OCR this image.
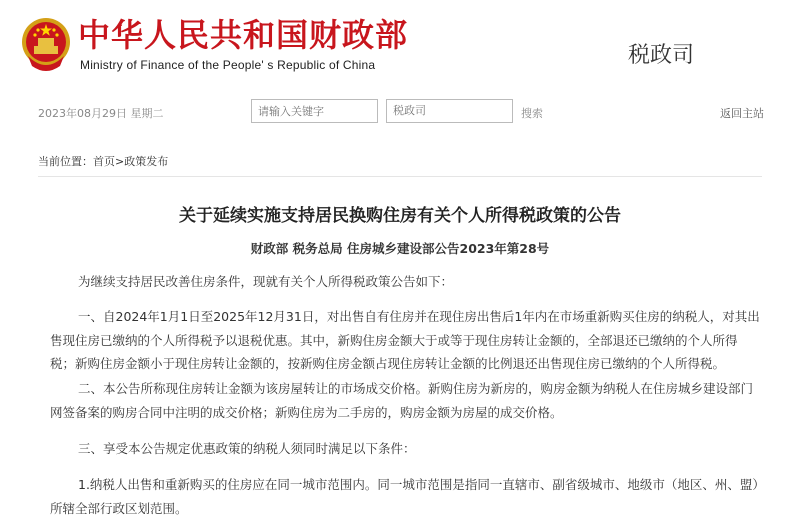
中华人民共和国财政部
Ministry of Finance of the People' s Republic of China	税政司
2023年08月29日 星期二
请输入关键字	税政司	搜索	返回主站
当前位置：首页>政策发布
关于延续实施支持居民换购住房有关个人所得税政策的公告
财政部 税务总局 住房城乡建设部公告2023年第28号

为继续支持居民改善住房条件，现就有关个人所得税政策公告如下：

一、自2024年1月1日至2025年12月31日，对出售自有住房并在现住房出售后1年内在市场重新购买住房的纳税人，对其出售现住房已缴纳的个人所得税予以退税优惠。其中，新购住房金额大于或等于现住房转让金额的，全部退还已缴纳的个人所得税；新购住房金额小于现住房转让金额的，按新购住房金额占现住房转让金额的比例退还出售现住房已缴纳的个人所得税。

二、本公告所称现住房转让金额为该房屋转让的市场成交价格。新购住房为新房的，购房金额为纳税人在住房城乡建设部门网签备案的购房合同中注明的成交价格；新购住房为二手房的，购房金额为房屋的成交价格。

三、享受本公告规定优惠政策的纳税人须同时满足以下条件：

1.纳税人出售和重新购买的住房应在同一城市范围内。同一城市范围是指同一直辖市、副省级城市、地级市（地区、州、盟）所辖全部行政区划范围。
